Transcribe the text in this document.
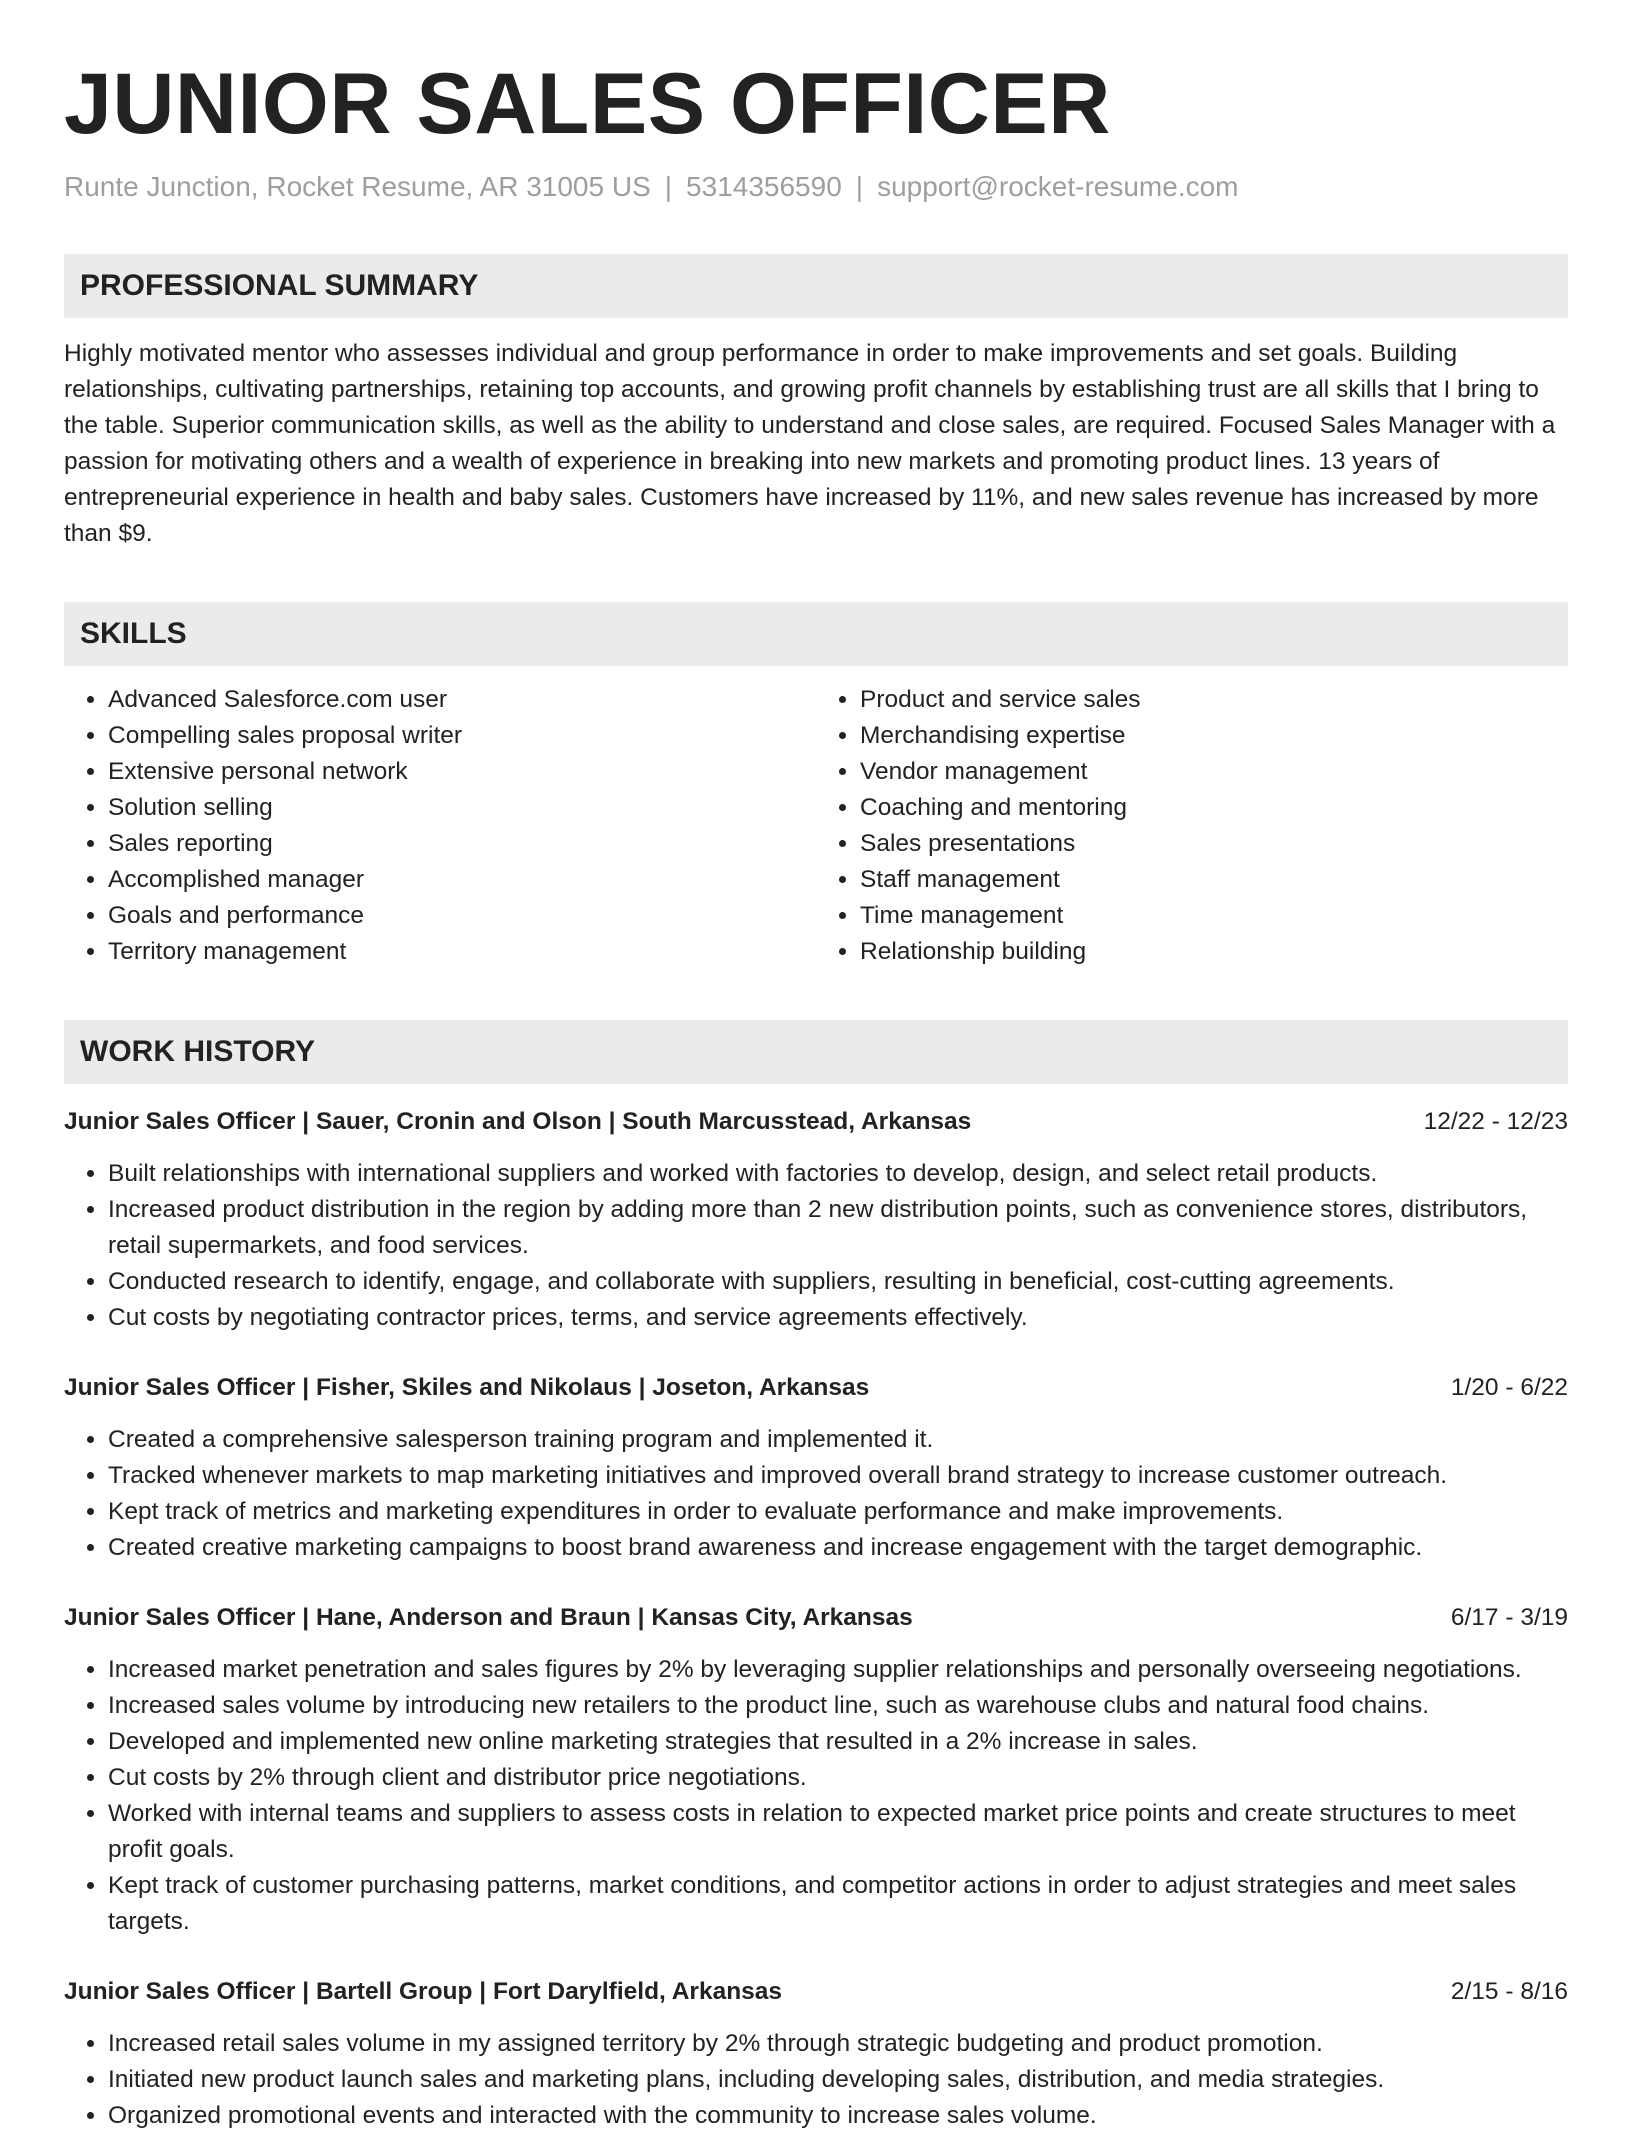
JUNIOR SALES OFFICER
Runte Junction, Rocket Resume, AR 31005 US | 5314356590 | support@rocket-resume.com
PROFESSIONAL SUMMARY
Highly motivated mentor who assesses individual and group performance in order to make improvements and set goals. Building relationships, cultivating partnerships, retaining top accounts, and growing profit channels by establishing trust are all skills that I bring to the table. Superior communication skills, as well as the ability to understand and close sales, are required. Focused Sales Manager with a passion for motivating others and a wealth of experience in breaking into new markets and promoting product lines. 13 years of entrepreneurial experience in health and baby sales. Customers have increased by 11%, and new sales revenue has increased by more than $9.
SKILLS
• Advanced Salesforce.com user
• Compelling sales proposal writer
• Extensive personal network
• Solution selling
• Sales reporting
• Accomplished manager
• Goals and performance
• Territory management
• Product and service sales
• Merchandising expertise
• Vendor management
• Coaching and mentoring
• Sales presentations
• Staff management
• Time management
• Relationship building
WORK HISTORY
Junior Sales Officer | Sauer, Cronin and Olson | South Marcusstead, Arkansas	12/22 - 12/23
• Built relationships with international suppliers and worked with factories to develop, design, and select retail products.
• Increased product distribution in the region by adding more than 2 new distribution points, such as convenience stores, distributors, retail supermarkets, and food services.
• Conducted research to identify, engage, and collaborate with suppliers, resulting in beneficial, cost-cutting agreements.
• Cut costs by negotiating contractor prices, terms, and service agreements effectively.
Junior Sales Officer | Fisher, Skiles and Nikolaus | Joseton, Arkansas	1/20 - 6/22
• Created a comprehensive salesperson training program and implemented it.
• Tracked whenever markets to map marketing initiatives and improved overall brand strategy to increase customer outreach.
• Kept track of metrics and marketing expenditures in order to evaluate performance and make improvements.
• Created creative marketing campaigns to boost brand awareness and increase engagement with the target demographic.
Junior Sales Officer | Hane, Anderson and Braun | Kansas City, Arkansas	6/17 - 3/19
• Increased market penetration and sales figures by 2% by leveraging supplier relationships and personally overseeing negotiations.
• Increased sales volume by introducing new retailers to the product line, such as warehouse clubs and natural food chains.
• Developed and implemented new online marketing strategies that resulted in a 2% increase in sales.
• Cut costs by 2% through client and distributor price negotiations.
• Worked with internal teams and suppliers to assess costs in relation to expected market price points and create structures to meet profit goals.
• Kept track of customer purchasing patterns, market conditions, and competitor actions in order to adjust strategies and meet sales targets.
Junior Sales Officer | Bartell Group | Fort Darylfield, Arkansas	2/15 - 8/16
• Increased retail sales volume in my assigned territory by 2% through strategic budgeting and product promotion.
• Initiated new product launch sales and marketing plans, including developing sales, distribution, and media strategies.
• Organized promotional events and interacted with the community to increase sales volume.
